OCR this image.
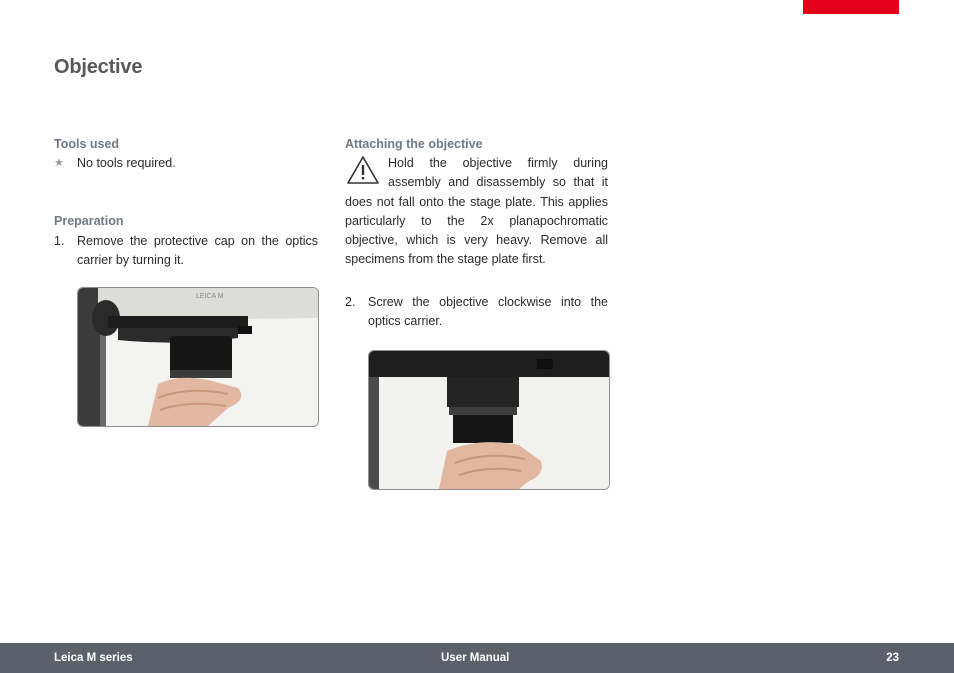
Objective
Tools used
★	No tools required.
Preparation
1.	Remove the protective cap on the optics carrier by turning it.
LEICA M
Attaching the objective
Hold the objective firmly during assembly and disassembly so that it does not fall onto the stage plate. This applies particularly to the 2x planapochromatic objective, which is very heavy. Remove all specimens from the stage plate first.
2.	Screw the objective clockwise into the optics carrier.
Leica M series	User Manual	23
